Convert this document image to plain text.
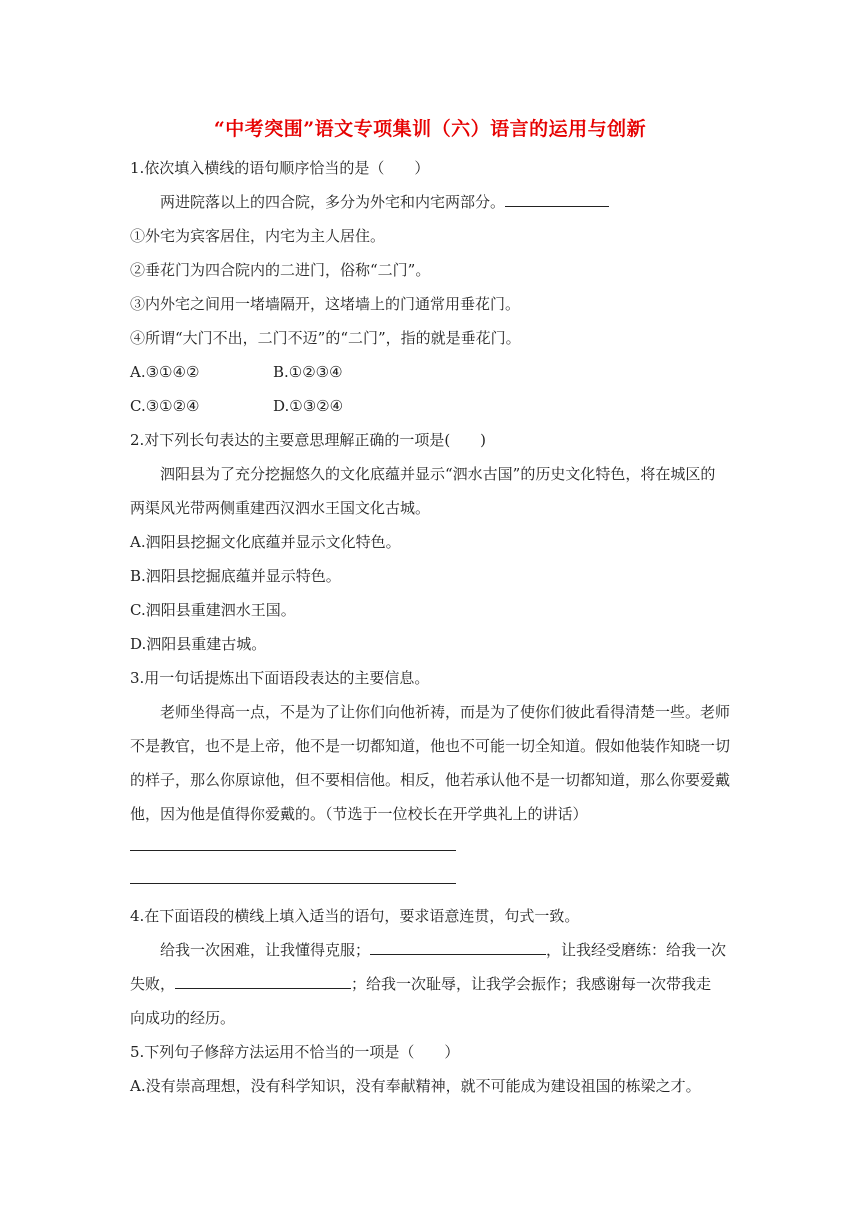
“中考突围”语文专项集训（六）语言的运用与创新
1.依次填入横线的语句顺序恰当的是（　　）
两进院落以上的四合院，多分为外宅和内宅两部分。
①外宅为宾客居住，内宅为主人居住。
②垂花门为四合院内的二进门，俗称“二门”。
③内外宅之间用一堵墙隔开，这堵墙上的门通常用垂花门。
④所谓“大门不出，二门不迈”的“二门”，指的就是垂花门。
A.③①④②	B.①②③④
C.③①②④	D.①③②④
2.对下列长句表达的主要意思理解正确的一项是(　　)
泗阳县为了充分挖掘悠久的文化底蕴并显示“泗水古国”的历史文化特色，将在城区的
两渠风光带两侧重建西汉泗水王国文化古城。
A.泗阳县挖掘文化底蕴并显示文化特色。
B.泗阳县挖掘底蕴并显示特色。
C.泗阳县重建泗水王国。
D.泗阳县重建古城。
3.用一句话提炼出下面语段表达的主要信息。
老师坐得高一点，不是为了让你们向他祈祷，而是为了使你们彼此看得清楚一些。老师
不是教官，也不是上帝，他不是一切都知道，他也不可能一切全知道。假如他装作知晓一切
的样子，那么你原谅他，但不要相信他。相反，他若承认他不是一切都知道，那么你要爱戴
他，因为他是值得你爱戴的。（节选于一位校长在开学典礼上的讲话）
4.在下面语段的横线上填入适当的语句，要求语意连贯，句式一致。
给我一次困难，让我懂得克服；	，让我经受磨练：给我一次
失败，	；给我一次耻辱，让我学会振作；我感谢每一次带我走
向成功的经历。
5.下列句子修辞方法运用不恰当的一项是（　　）
A.没有崇高理想，没有科学知识，没有奉献精神，就不可能成为建设祖国的栋梁之才。
